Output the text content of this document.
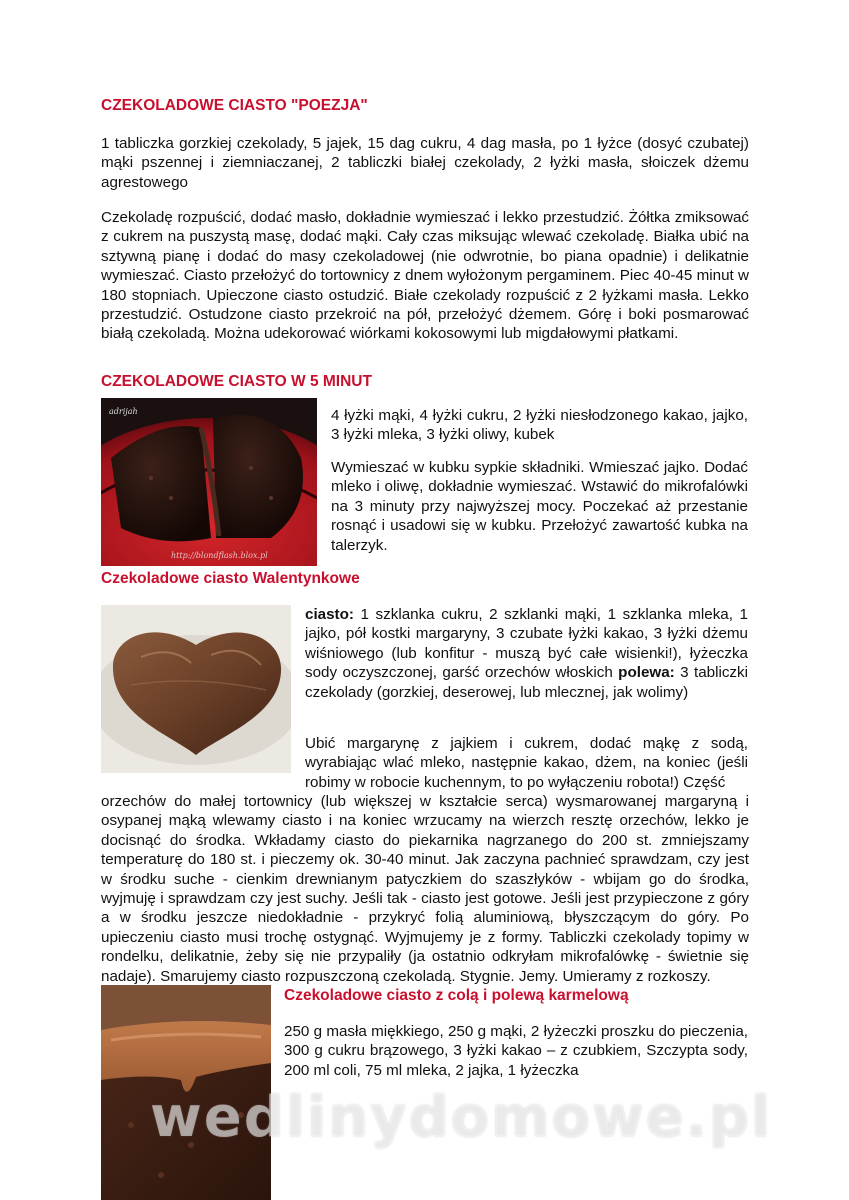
CZEKOLADOWE CIASTO "POEZJA"

1 tabliczka gorzkiej czekolady, 5 jajek, 15 dag cukru, 4 dag masła, po 1 łyżce (dosyć czubatej) mąki pszennej i ziemniaczanej, 2 tabliczki białej czekolady, 2 łyżki masła, słoiczek dżemu agrestowego

Czekoladę rozpuścić, dodać masło, dokładnie wymieszać i lekko przestudzić. Żółtka zmiksować z cukrem na puszystą masę, dodać mąki. Cały czas miksując wlewać czekoladę. Białka ubić na sztywną pianę i dodać do masy czekoladowej (nie odwrotnie, bo piana opadnie) i delikatnie wymieszać. Ciasto przełożyć do tortownicy z dnem wyłożonym pergaminem. Piec 40-45 minut w 180 stopniach. Upieczone ciasto ostudzić. Białe czekolady rozpuścić z 2 łyżkami masła. Lekko przestudzić. Ostudzone ciasto przekroić na pół, przełożyć dżemem. Górę i boki posmarować białą czekoladą. Można udekorować wiórkami kokosowymi lub migdałowymi płatkami.

CZEKOLADOWE CIASTO W 5 MINUT
adrijah
http://blondflash.blox.pl

4 łyżki mąki, 4 łyżki cukru, 2 łyżki niesłodzonego kakao, jajko, 3 łyżki mleka, 3 łyżki oliwy, kubek

Wymieszać w kubku sypkie składniki. Wmieszać jajko. Dodać mleko i oliwę, dokładnie wymieszać. Wstawić do mikrofalówki na 3 minuty przy najwyższej mocy. Poczekać aż przestanie rosnąć i usadowi się w kubku. Przełożyć zawartość kubka na talerzyk.

Czekoladowe ciasto Walentynkowe

ciasto: 1 szklanka cukru, 2 szklanki mąki, 1 szklanka mleka, 1 jajko, pół kostki margaryny, 3 czubate łyżki kakao, 3 łyżki dżemu wiśniowego (lub konfitur - muszą być całe wisienki!), łyżeczka sody oczyszczonej, garść orzechów włoskich polewa: 3 tabliczki czekolady (gorzkiej, deserowej, lub mlecznej, jak wolimy)

Ubić margarynę z jajkiem i cukrem, dodać mąkę z sodą, wyrabiając wlać mleko, następnie kakao, dżem, na koniec (jeśli robimy w robocie kuchennym, to po wyłączeniu robota!) Część

orzechów do małej tortownicy (lub większej w kształcie serca) wysmarowanej margaryną i osypanej mąką wlewamy ciasto i na koniec wrzucamy na wierzch resztę orzechów, lekko je docisnąć do środka. Wkładamy ciasto do piekarnika nagrzanego do 200 st. zmniejszamy temperaturę do 180 st. i pieczemy ok. 30-40 minut. Jak zaczyna pachnieć sprawdzam, czy jest w środku suche - cienkim drewnianym patyczkiem do szaszłyków - wbijam go do środka, wyjmuję i sprawdzam czy jest suchy. Jeśli tak - ciasto jest gotowe. Jeśli jest przypieczone z góry a w środku jeszcze niedokładnie - przykryć folią aluminiową, błyszczącym do góry. Po upieczeniu ciasto musi trochę ostygnąć. Wyjmujemy je z formy. Tabliczki czekolady topimy w rondelku, delikatnie, żeby się nie przypaliły (ja ostatnio odkryłam mikrofalówkę - świetnie się nadaje). Smarujemy ciasto rozpuszczoną czekoladą. Stygnie. Jemy. Umieramy z rozkoszy.

Czekoladowe ciasto z colą i polewą karmelową

250 g masła miękkiego, 250 g mąki, 2 łyżeczki proszku do pieczenia, 300 g cukru brązowego, 3 łyżki kakao – z czubkiem, Szczypta sody, 200 ml coli, 75 ml mleka, 2 jajka, 1 łyżeczka

wedlinydomowe.pl
